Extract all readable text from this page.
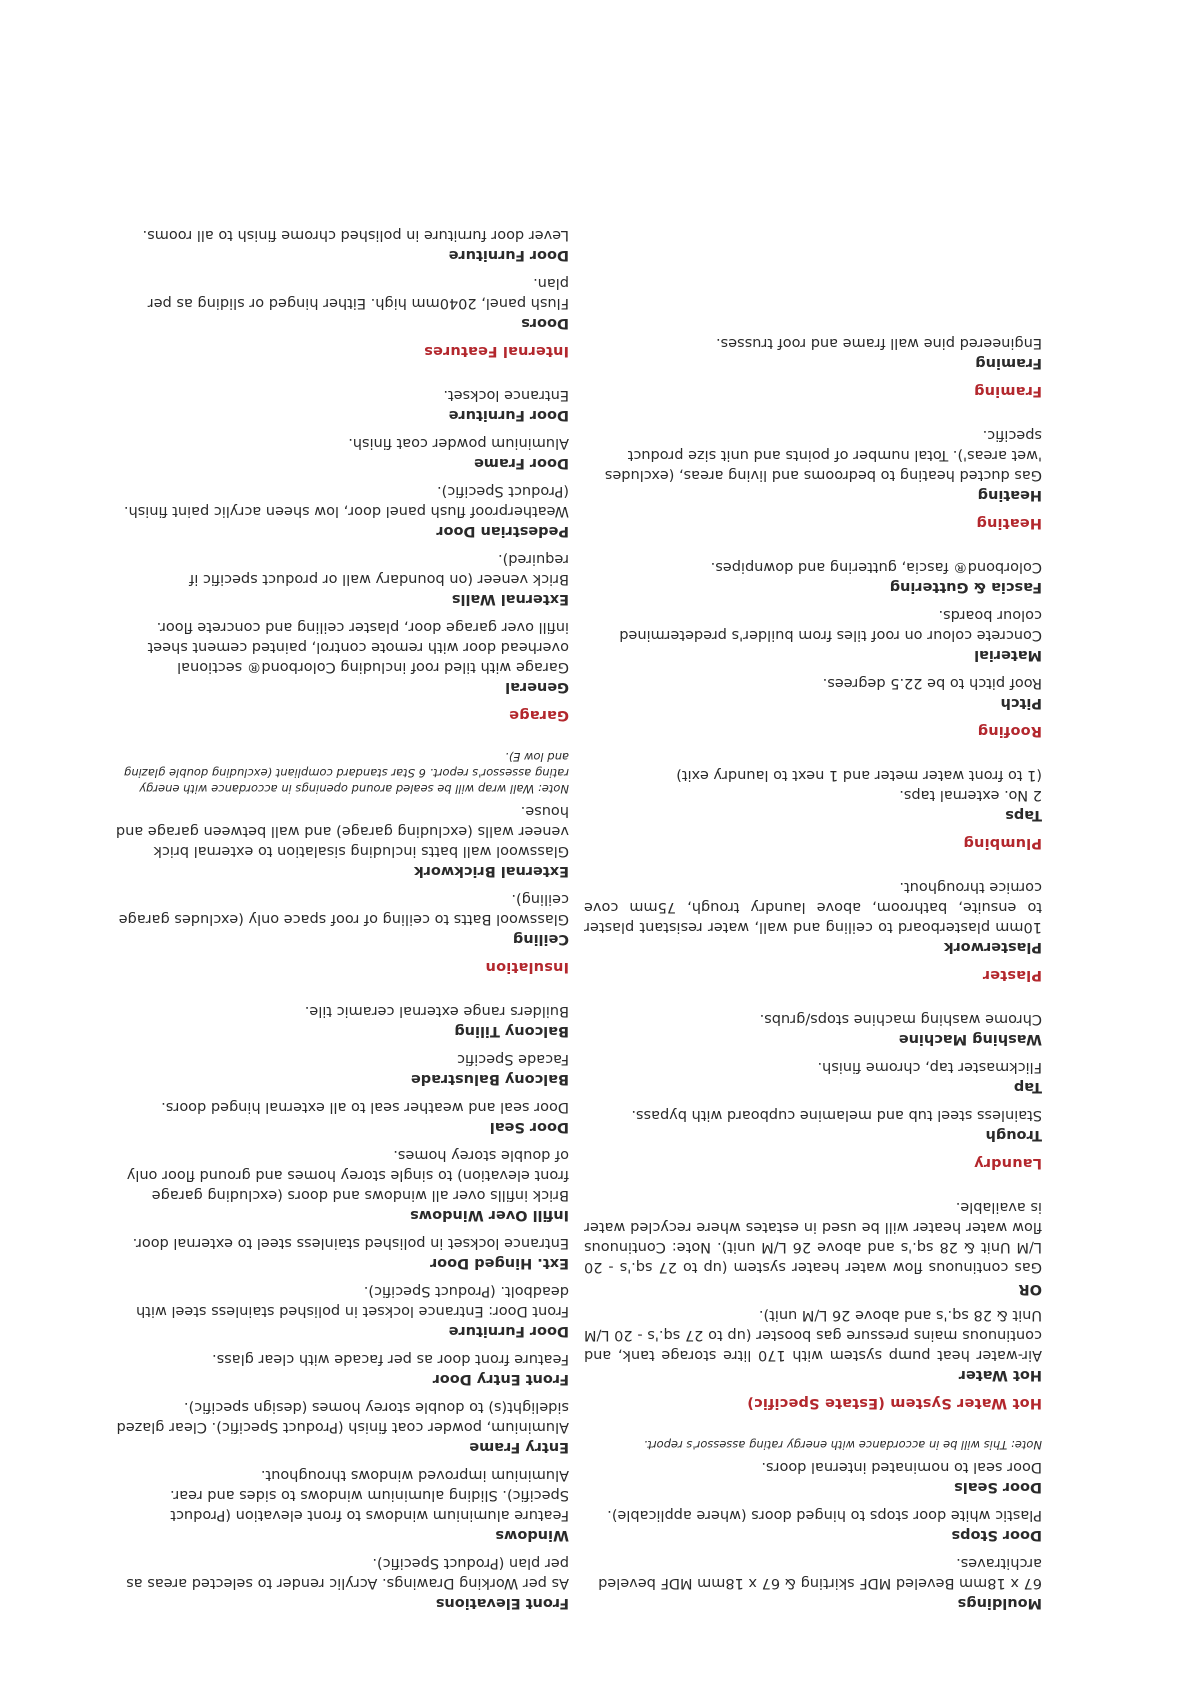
Mouldings
67 x 18mm Beveled MDF skirting & 67 x 18mm MDF beveled architraves.
Door Stops
Plastic white door stops to hinged doors (where applicable).
Door Seals
Door seal to nominated internal doors.
Note: This will be in accordance with energy rating assessor's report.
Hot Water System (Estate Specific)
Hot Water
Air-water heat pump system with 170 litre storage tank, and continuous mains pressure gas booster (up to 27 sq.'s - 20 L/M Unit & 28 sq.'s and above 26 L/M unit).
OR
Gas continuous flow water heater system (up to 27 sq.'s - 20 L/M Unit & 28 sq.'s and above 26 L/M unit). Note: Continuous flow water heater will be used in estates where recycled water is available.
Laundry
Trough
Stainless steel tub and melamine cupboard with bypass.
Tap
Flickmaster tap, chrome finish.
Washing Machine
Chrome washing machine stops/grubs.
Plaster
Plasterwork
10mm plasterboard to ceiling and wall, water resistant plaster to ensuite, bathroom, above laundry trough, 75mm cove cornice throughout.
Plumbing
Taps
2 No. external taps.
(1 to front water meter and 1 next to laundry exit)
Roofing
Pitch
Roof pitch to be 22.5 degrees.
Material
Concrete colour on roof tiles from builder's predetermined colour boards.
Fascia & Guttering
Colorbond® fascia, guttering and downpipes.
Heating
Heating
Gas ducted heating to bedrooms and living areas, (excludes 'wet areas'). Total number of points and unit size product specific.
Framing
Framing
Engineered pine wall frame and roof trusses.
Front Elevations
As per Working Drawings. Acrylic render to selected areas as per plan (Product Specific).
Windows
Feature aluminium windows to front elevation (Product Specific). Sliding aluminium windows to sides and rear. Aluminium improved windows throughout.
Entry Frame
Aluminium, powder coat finish (Product Specific). Clear glazed sidelight(s) to double storey homes (design specific).
Front Entry Door
Feature front door as per facade with clear glass.
Door Furniture
Front Door: Entrance lockset in polished stainless steel with deadbolt. (Product Specific).
Ext. Hinged Door
Entrance lockset in polished stainless steel to external door.
Infill Over Windows
Brick infills over all windows and doors (excluding garage front elevation) to single storey homes and ground floor only of double storey homes.
Door Seal
Door seal and weather seal to all external hinged doors.
Balcony Balustrade
Facade Specific
Balcony Tiling
Builders range external ceramic tile.
Insulation
Ceiling
Glasswool Batts to ceiling of roof space only (excludes garage ceiling).
External Brickwork
Glasswool wall batts including sisalation to external brick veneer walls (excluding garage) and wall between garage and house.
Note: Wall wrap will be sealed around openings in accordance with energy rating assessor's report. 6 Star standard compliant (excluding double glazing and low E).
Garage
General
Garage with tiled roof including Colorbond® sectional overhead door with remote control, painted cement sheet infill over garage door, plaster ceiling and concrete floor.
External Walls
Brick veneer (on boundary wall or product specific if required).
Pedestrian Door
Weatherproof flush panel door, low sheen acrylic paint finish. (Product Specific).
Door Frame
Aluminium powder coat finish.
Door Furniture
Entrance lockset.
Internal Features
Doors
Flush panel, 2040mm high. Either hinged or sliding as per plan.
Door Furniture
Lever door furniture in polished chrome finish to all rooms.
